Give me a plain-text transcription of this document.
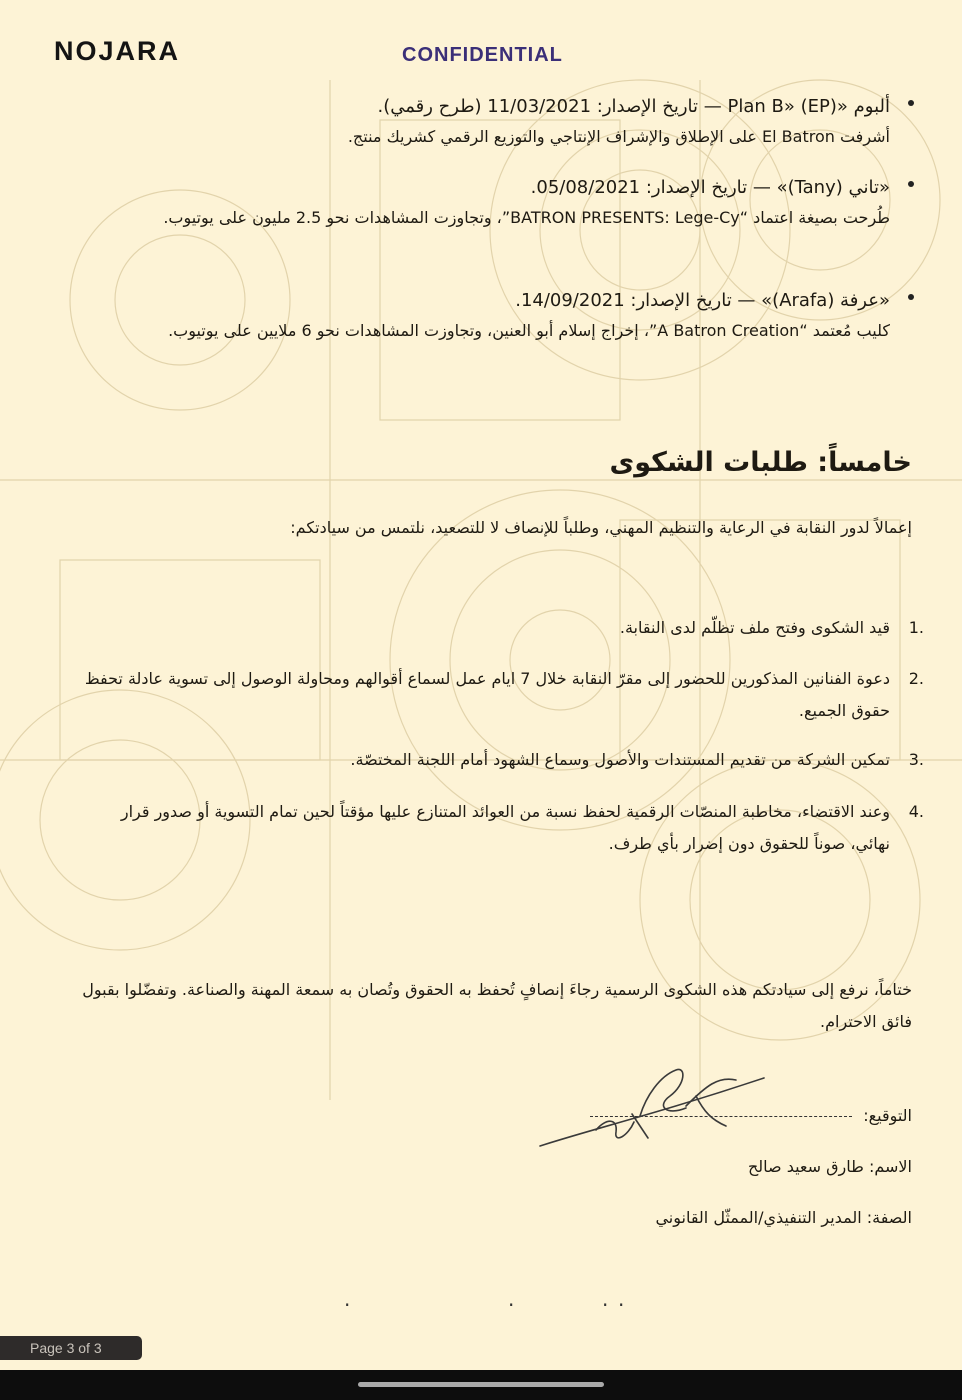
NOJARA	CONFIDENTIAL

ألبوم «(EP) «Plan B — تاريخ الإصدار: 11/03/2021 (طرح رقمي).

أشرفت El Batron على الإطلاق والإشراف الإنتاجي والتوزيع الرقمي كشريك منتج.

«تاني (Tany)» — تاريخ الإصدار: 05/08/2021.

طُرحت بصيغة اعتماد “BATRON PRESENTS: Lege-Cy”، وتجاوزت المشاهدات نحو 2.5 مليون على يوتيوب.

«عرفة (Arafa)» — تاريخ الإصدار: 14/09/2021.

كليب مُعتمد “A Batron Creation”، إخراج إسلام أبو العنين، وتجاوزت المشاهدات نحو 6 ملايين على يوتيوب.

خامساً: طلبات الشكوى
إعمالاً لدور النقابة في الرعاية والتنظيم المهني، وطلباً للإنصاف لا للتصعيد، نلتمس من سيادتكم:
1.
قيد الشكوى وفتح ملف تظلّم لدى النقابة.
2.
دعوة الفنانين المذكورين للحضور إلى مقرّ النقابة خلال 7 ايام عمل لسماع أقوالهم ومحاولة الوصول إلى تسوية عادلة تحفظ حقوق الجميع.
3.
تمكين الشركة من تقديم المستندات والأصول وسماع الشهود أمام اللجنة المختصّة.
4.
وعند الاقتضاء، مخاطبة المنصّات الرقمية لحفظ نسبة من العوائد المتنازع عليها مؤقتاً لحين تمام التسوية أو صدور قرار نهائي، صوناً للحقوق دون إضرار بأي طرف.
ختاماً، نرفع إلى سيادتكم هذه الشكوى الرسمية رجاءَ إنصافٍ تُحفظ به الحقوق وتُصان به سمعة المهنة والصناعة. وتفضّلوا بقبول فائق الاحترام.
التوقيع:
الاسم: طارق سعيد صالح
الصفة: المدير التنفيذي/الممثّل القانوني
·	·	· ·
Page 3 of 3
